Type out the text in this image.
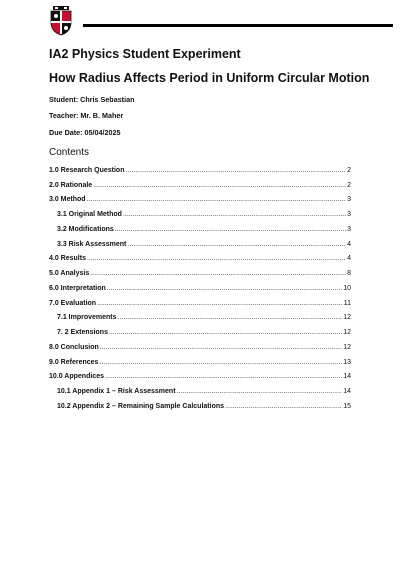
IA2 Physics Student Experiment
How Radius Affects Period in Uniform Circular Motion
Student: Chris Sebastian
Teacher: Mr. B. Maher
Due Date: 05/04/2025
Contents
1.0 Research Question .....	2
2.0 Rationale .....	2
3.0 Method .....	3
3.1 Original Method .....	3
3.2 Modifications .....	3
3.3 Risk Assessment .....	4
4.0 Results .....	4
5.0 Analysis .....	8
6.0 Interpretation .....	10
7.0 Evaluation .....	11
7.1 Improvements .....	12
7. 2 Extensions .....	12
8.0 Conclusion .....	12
9.0 References .....	13
10.0 Appendices .....	14
10.1 Appendix 1 – Risk Assessment .....	14
10.2 Appendix 2 – Remaining Sample Calculations .....	15
